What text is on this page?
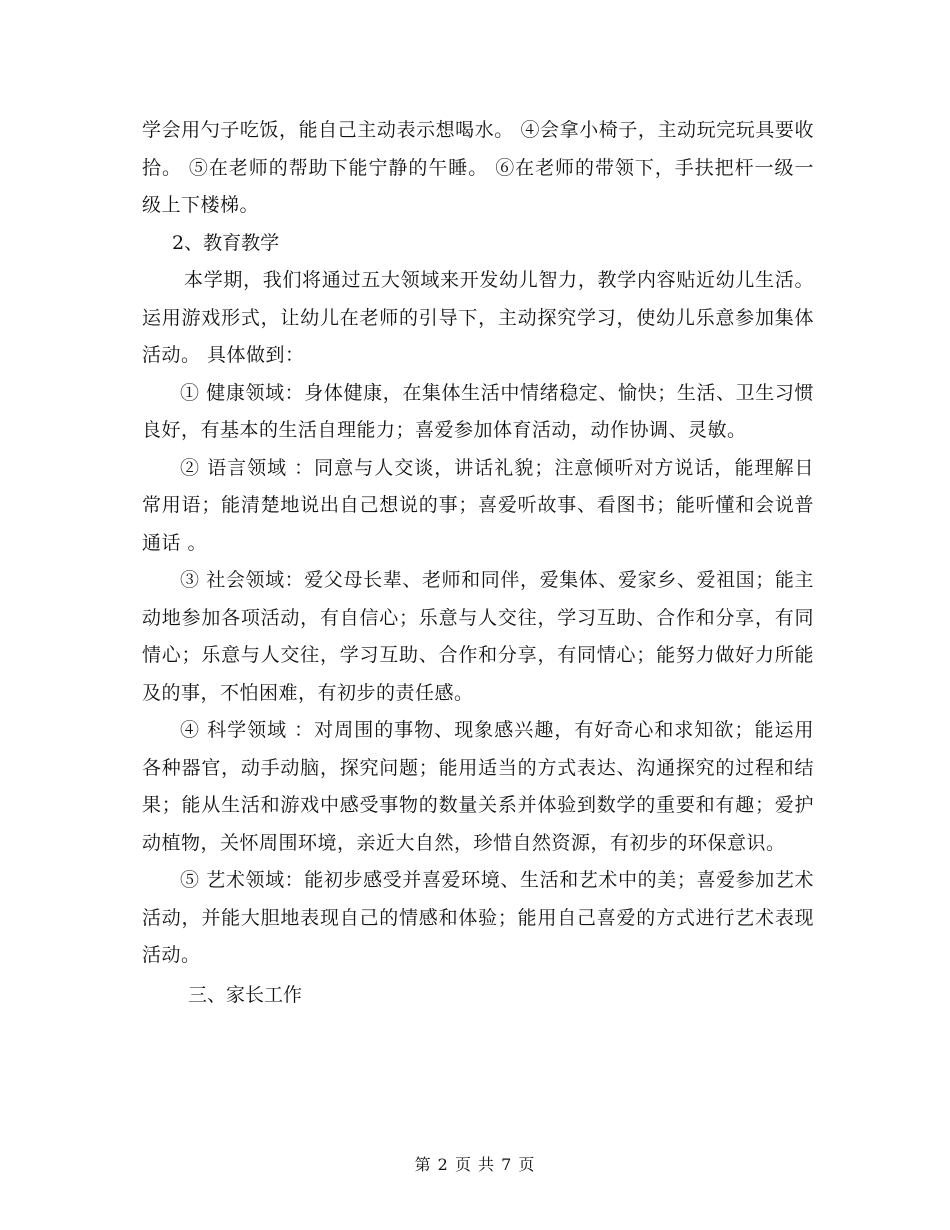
学会用勺子吃饭，能自己主动表示想喝水。 ④会拿小椅子，主动玩完玩具要收拾。 ⑤在老师的帮助下能宁静的午睡。 ⑥在老师的带领下，手扶把杆一级一级上下楼梯。

2、教育教学

本学期，我们将通过五大领域来开发幼儿智力，教学内容贴近幼儿生活。运用游戏形式，让幼儿在老师的引导下，主动探究学习，使幼儿乐意参加集体活动。 具体做到：

① 健康领域：身体健康，在集体生活中情绪稳定、愉快；生活、卫生习惯良好，有基本的生活自理能力；喜爱参加体育活动，动作协调、灵敏。

② 语言领域 ：同意与人交谈，讲话礼貌；注意倾听对方说话，能理解日常用语；能清楚地说出自己想说的事；喜爱听故事、看图书；能听懂和会说普通话 。

③ 社会领域：爱父母长辈、老师和同伴，爱集体、爱家乡、爱祖国；能主动地参加各项活动，有自信心；乐意与人交往，学习互助、合作和分享，有同情心；乐意与人交往，学习互助、合作和分享，有同情心；能努力做好力所能及的事，不怕困难，有初步的责任感。

④ 科学领域 ：对周围的事物、现象感兴趣，有好奇心和求知欲；能运用各种器官，动手动脑，探究问题；能用适当的方式表达、沟通探究的过程和结果；能从生活和游戏中感受事物的数量关系并体验到数学的重要和有趣；爱护动植物，关怀周围环境，亲近大自然，珍惜自然资源，有初步的环保意识。

⑤ 艺术领域：能初步感受并喜爱环境、生活和艺术中的美；喜爱参加艺术活动，并能大胆地表现自己的情感和体验；能用自己喜爱的方式进行艺术表现活动。

三、家长工作

第 2 页 共 7 页
